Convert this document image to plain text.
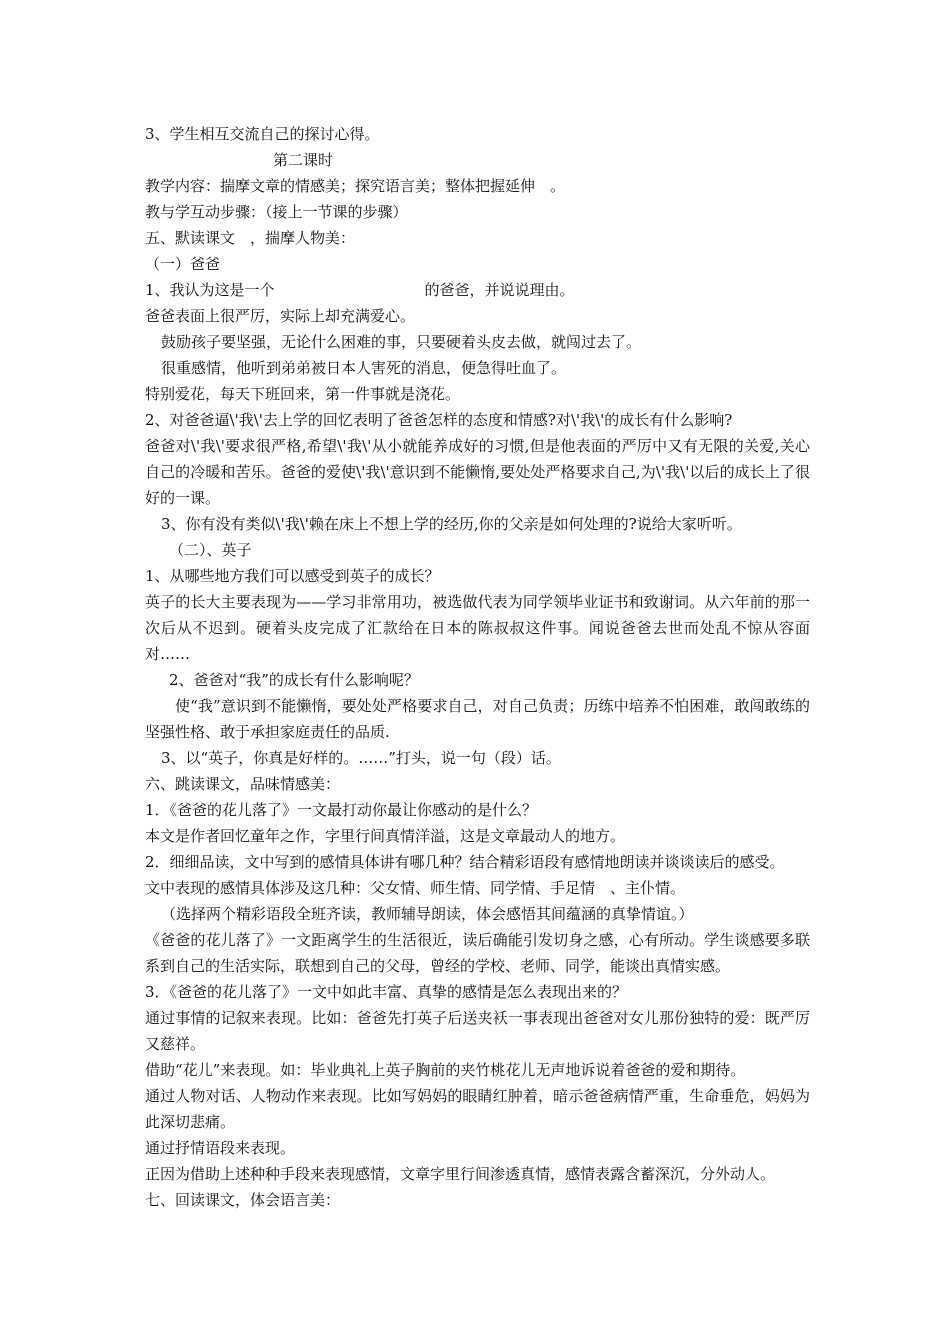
3、学生相互交流自己的探讨心得。
第二课时
教学内容：揣摩文章的情感美；探究语言美；整体把握延伸　。
教与学互动步骤：（接上一节课的步骤）
五、默读课文　，揣摩人物美：
（一）爸爸
1、我认为这是一个　　　　　　　　　　的爸爸，并说说理由。
爸爸表面上很严厉，实际上却充满爱心。
鼓励孩子要坚强，无论什么困难的事，只要硬着头皮去做，就闯过去了。
很重感情，他听到弟弟被日本人害死的消息，便急得吐血了。
特别爱花，每天下班回来，第一件事就是浇花。
2、对爸爸逼\'我\'去上学的回忆表明了爸爸怎样的态度和情感?对\'我\'的成长有什么影响?
爸爸对\'我\'要求很严格,希望\'我\'从小就能养成好的习惯,但是他表面的严厉中又有无限的关爱,关心自己的冷暖和苦乐。爸爸的爱使\'我\'意识到不能懒惰,要处处严格要求自己,为\'我\'以后的成长上了很好的一课。
3、你有没有类似\'我\'赖在床上不想上学的经历,你的父亲是如何处理的?说给大家听听。
（二）、英子
1、从哪些地方我们可以感受到英子的成长？
英子的长大主要表现为——学习非常用功，被选做代表为同学领毕业证书和致谢词。从六年前的那一次后从不迟到。硬着头皮完成了汇款给在日本的陈叔叔这件事。闻说爸爸去世而处乱不惊从容面对……
2、爸爸对“我”的成长有什么影响呢？
使“我”意识到不能懒惰，要处处严格要求自己，对自己负责；历练中培养不怕困难，敢闯敢练的坚强性格、敢于承担家庭责任的品质.
3、以“英子，你真是好样的。……”打头，说一句（段）话。
六、跳读课文，品味情感美：
1．《爸爸的花儿落了》一文最打动你最让你感动的是什么？
本文是作者回忆童年之作，字里行间真情洋溢，这是文章最动人的地方。
2．细细品读，文中写到的感情具体讲有哪几种？结合精彩语段有感情地朗读并谈谈读后的感受。
文中表现的感情具体涉及这几种：父女情、师生情、同学情、手足情　、主仆情。
（选择两个精彩语段全班齐读，教师辅导朗读，体会感悟其间蕴涵的真挚情谊。）
《爸爸的花儿落了》一文距离学生的生活很近，读后确能引发切身之感，心有所动。学生谈感要多联系到自己的生活实际，联想到自己的父母，曾经的学校、老师、同学，能谈出真情实感。
3．《爸爸的花儿落了》一文中如此丰富、真挚的感情是怎么表现出来的？
通过事情的记叙来表现。比如：爸爸先打英子后送夹袄一事表现出爸爸对女儿那份独特的爱：既严厉又慈祥。
借助“花儿”来表现。如：毕业典礼上英子胸前的夹竹桃花儿无声地诉说着爸爸的爱和期待。
通过人物对话、人物动作来表现。比如写妈妈的眼睛红肿着，暗示爸爸病情严重，生命垂危，妈妈为此深切悲痛。
通过抒情语段来表现。
正因为借助上述种种手段来表现感情，文章字里行间渗透真情，感情表露含蓄深沉，分外动人。
七、回读课文，体会语言美：
